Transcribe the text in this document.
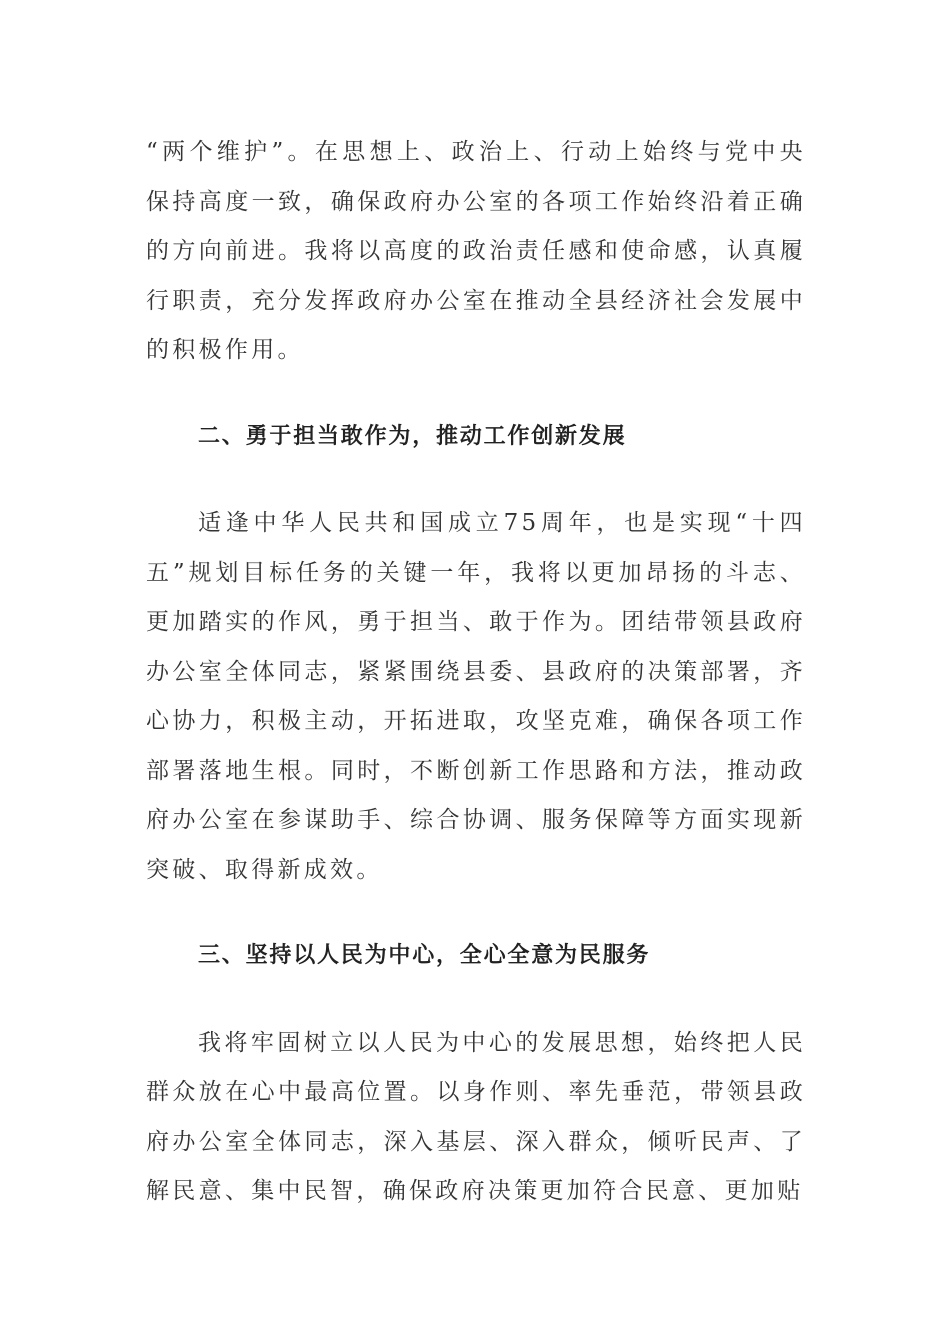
“两个维护”。在思想上、政治上、行动上始终与党中央保持高度一致，确保政府办公室的各项工作始终沿着正确的方向前进。我将以高度的政治责任感和使命感，认真履行职责，充分发挥政府办公室在推动全县经济社会发展中的积极作用。

二、勇于担当敢作为，推动工作创新发展

适逢中华人民共和国成立75周年，也是实现“十四五”规划目标任务的关键一年，我将以更加昂扬的斗志、更加踏实的作风，勇于担当、敢于作为。团结带领县政府办公室全体同志，紧紧围绕县委、县政府的决策部署，齐心协力，积极主动，开拓进取，攻坚克难，确保各项工作部署落地生根。同时，不断创新工作思路和方法，推动政府办公室在参谋助手、综合协调、服务保障等方面实现新突破、取得新成效。

三、坚持以人民为中心，全心全意为民服务

我将牢固树立以人民为中心的发展思想，始终把人民群众放在心中最高位置。以身作则、率先垂范，带领县政府办公室全体同志，深入基层、深入群众，倾听民声、了解民意、集中民智，确保政府决策更加符合民意、更加贴
